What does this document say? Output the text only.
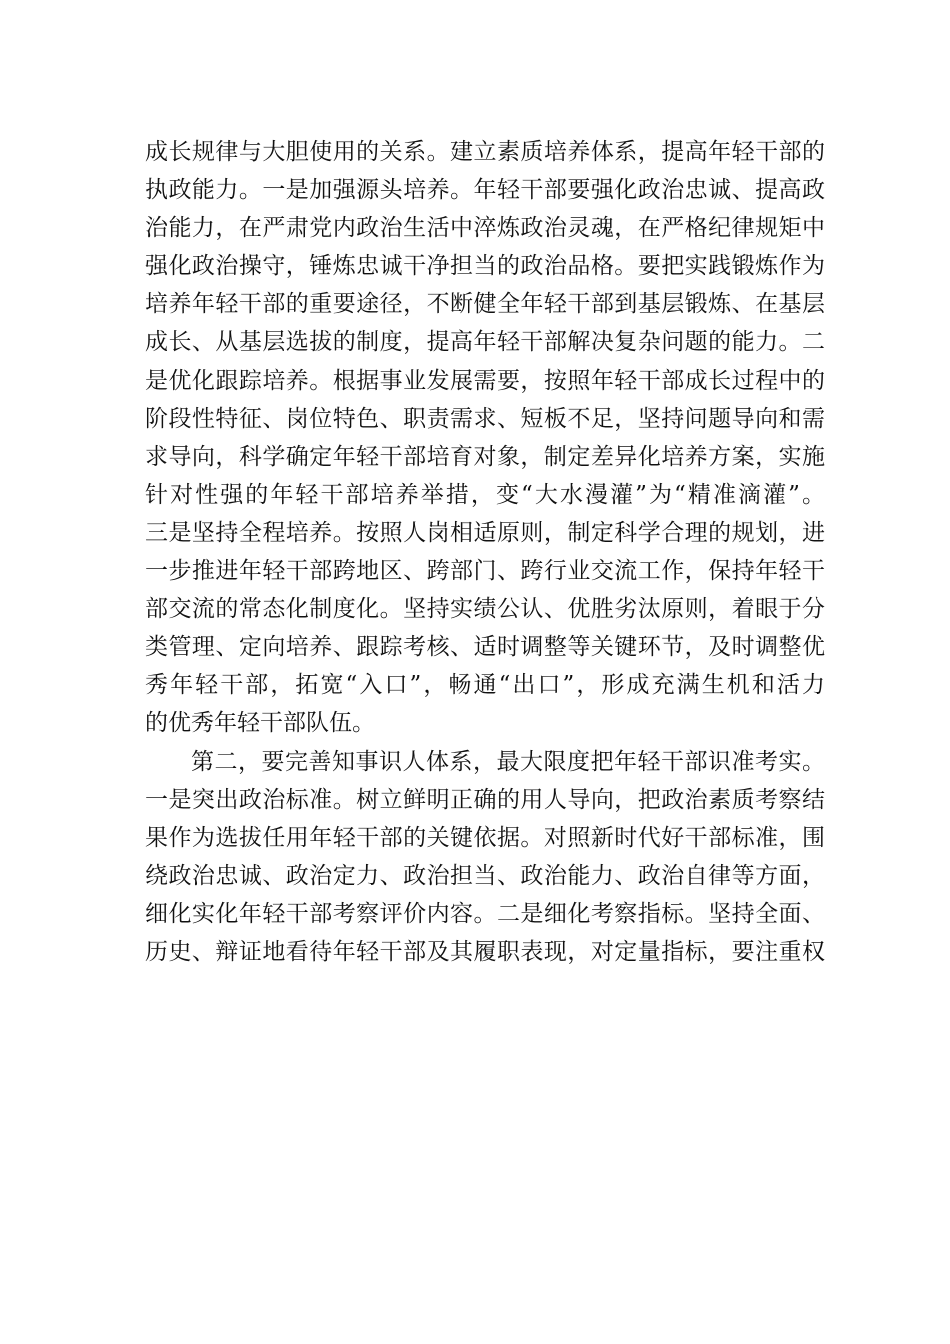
成长规律与大胆使用的关系。建立素质培养体系，提高年轻干部的
执政能力。一是加强源头培养。年轻干部要强化政治忠诚、提高政
治能力，在严肃党内政治生活中淬炼政治灵魂，在严格纪律规矩中
强化政治操守，锤炼忠诚干净担当的政治品格。要把实践锻炼作为
培养年轻干部的重要途径，不断健全年轻干部到基层锻炼、在基层
成长、从基层选拔的制度，提高年轻干部解决复杂问题的能力。二
是优化跟踪培养。根据事业发展需要，按照年轻干部成长过程中的
阶段性特征、岗位特色、职责需求、短板不足，坚持问题导向和需
求导向，科学确定年轻干部培育对象，制定差异化培养方案，实施
针对性强的年轻干部培养举措，变“大水漫灌”为“精准滴灌”。
三是坚持全程培养。按照人岗相适原则，制定科学合理的规划，进
一步推进年轻干部跨地区、跨部门、跨行业交流工作，保持年轻干
部交流的常态化制度化。坚持实绩公认、优胜劣汰原则，着眼于分
类管理、定向培养、跟踪考核、适时调整等关键环节，及时调整优
秀年轻干部，拓宽“入口”，畅通“出口”，形成充满生机和活力
的优秀年轻干部队伍。
第二，要完善知事识人体系，最大限度把年轻干部识准考实。
一是突出政治标准。树立鲜明正确的用人导向，把政治素质考察结
果作为选拔任用年轻干部的关键依据。对照新时代好干部标准，围
绕政治忠诚、政治定力、政治担当、政治能力、政治自律等方面，
细化实化年轻干部考察评价内容。二是细化考察指标。坚持全面、
历史、辩证地看待年轻干部及其履职表现，对定量指标，要注重权
